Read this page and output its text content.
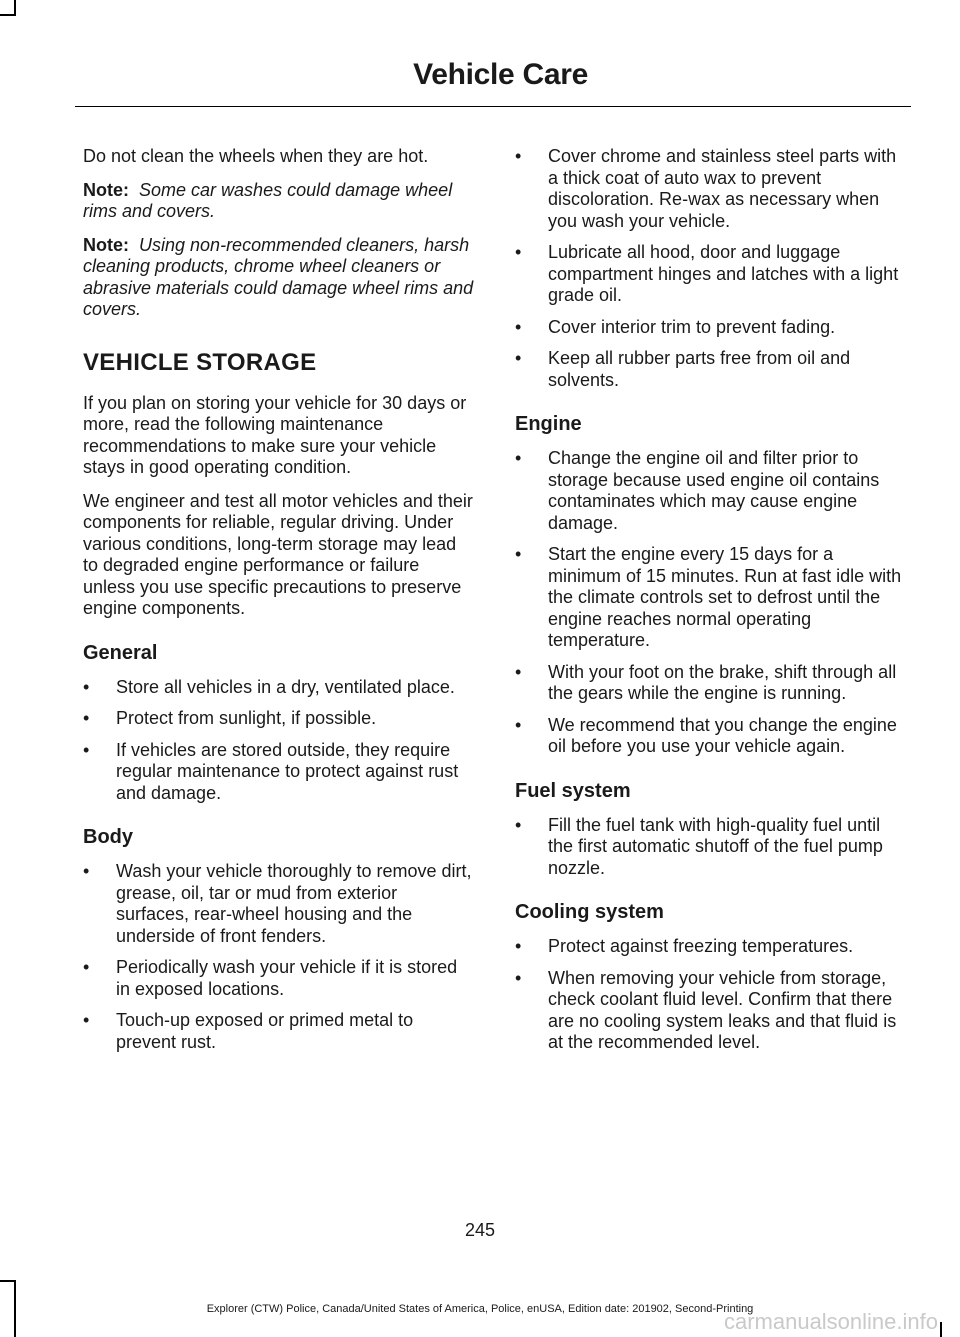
Vehicle Care

Do not clean the wheels when they are hot.

Note: Some car washes could damage wheel rims and covers.

Note: Using non-recommended cleaners, harsh cleaning products, chrome wheel cleaners or abrasive materials could damage wheel rims and covers.

VEHICLE STORAGE

If you plan on storing your vehicle for 30 days or more, read the following maintenance recommendations to make sure your vehicle stays in good operating condition.

We engineer and test all motor vehicles and their components for reliable, regular driving. Under various conditions, long-term storage may lead to degraded engine performance or failure unless you use specific precautions to preserve engine components.

General
• Store all vehicles in a dry, ventilated place.
• Protect from sunlight, if possible.
• If vehicles are stored outside, they require regular maintenance to protect against rust and damage.
Body
• Wash your vehicle thoroughly to remove dirt, grease, oil, tar or mud from exterior surfaces, rear-wheel housing and the underside of front fenders.
• Periodically wash your vehicle if it is stored in exposed locations.
• Touch-up exposed or primed metal to prevent rust.
• Cover chrome and stainless steel parts with a thick coat of auto wax to prevent discoloration. Re-wax as necessary when you wash your vehicle.
• Lubricate all hood, door and luggage compartment hinges and latches with a light grade oil.
• Cover interior trim to prevent fading.
• Keep all rubber parts free from oil and solvents.
Engine
• Change the engine oil and filter prior to storage because used engine oil contains contaminates which may cause engine damage.
• Start the engine every 15 days for a minimum of 15 minutes. Run at fast idle with the climate controls set to defrost until the engine reaches normal operating temperature.
• With your foot on the brake, shift through all the gears while the engine is running.
• We recommend that you change the engine oil before you use your vehicle again.
Fuel system
• Fill the fuel tank with high-quality fuel until the first automatic shutoff of the fuel pump nozzle.
Cooling system
• Protect against freezing temperatures.
• When removing your vehicle from storage, check coolant fluid level. Confirm that there are no cooling system leaks and that fluid is at the recommended level.
245
Explorer (CTW) Police, Canada/United States of America, Police, enUSA, Edition date: 201902, Second-Printing
carmanualsonline.info
